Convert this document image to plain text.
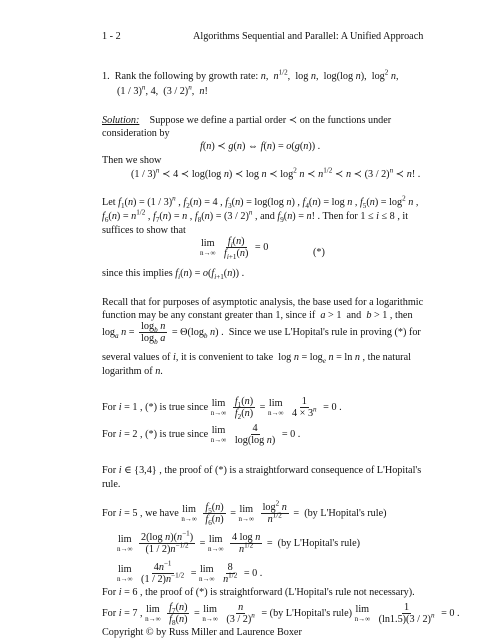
1 - 2	Algorithms Sequential and Parallel: A Unified Approach
1.  Rank the following by growth rate: n,  $n^{1/2}$,  log n,  log(log n),  $\log^2 n$,
(1 / 3)$^n$, 4,  (3 / 2)$^n$,  n!
Solution:    Suppose we define a partial order ≺ on the functions under
consideration by
f(n) ≺ g(n) ⇔ f(n) = o(g(n)) .
Then we show
(1 / 3)$^n$ ≺ 4 ≺ log(log n) ≺ log n ≺ $\log^2 n$ ≺ $n^{1/2}$ ≺ n ≺ (3 / 2)$^n$ ≺ n! .
Let $f_1(n) = (1 / 3)^n$ , $f_2(n) = 4$ , $f_3(n) = \log(\log$ n) , $f_4(n) = \log n$ , $f_5(n) = \log^2 n$ ,
$f_6(n) = n^{1/2}$ , $f_7(n) = n$ , $f_8(n) = (3 / 2)^n$ , and $f_9(n) = n$! . Then for 1 ≤ i ≤ 8 , it
suffices to show that
lim
n→∞
$\frac{f_i(n)}{f_{i+1}(n)} = 0$	(*)
since this implies $f_i(n) = o(f_{i+1}(n))$ .
Recall that for purposes of asymptotic analysis, the base used for a logarithmic
function may be any constant greater than 1, since if  a > 1  and  b > 1 , then
$\log_a n = \frac{\log_b n}{\log_b a} = \Theta(\log_b$ n) .  Since we use L'Hopital's rule in proving (*) for
several values of i, it is convenient to take  $\log n = \log_e n = \ln n$ , the natural
logarithm of n.
For i = 1 , (*) is true since lim
n→∞
$\frac{f_1(n)}{f_2(n)} = \lim$
n→∞
$\frac{1}{4 \times 3^n} = 0$ .
For i = 2 , (*) is true since lim
n→∞
$\frac{4}{\text{log(log n)}} = 0$ .
For i ∈ {3,4} , the proof of (*) is a straightforward consequence of L'Hopital's
rule.
For i = 5 , we have lim
n→∞
$\frac{f_5(n)}{f_6(n)} = \lim$
n→∞
$\frac{\log^2 n}{n^{1/2}} = (by$ L'Hopital's rule)
lim
n→∞
$\frac{2(\log n)(n^{-1})}{(1 / 2)n^{-1/2}} = \lim$
n→∞
$\frac{\text{4 log n}}{n^{1/2}} = (by$ L'Hopital's rule)
lim
n→∞
$\frac{4n^{-1}}{(1 / 2)n^{-1/2}} = \lim$
n→∞
$\frac{8}{n^{1/2}} = 0$ .
For i = 6 , the proof of (*) is straightforward (L'Hopital's rule not necessary).
For i = 7 , lim
n→∞
$\frac{f_7(n)}{f_8(n)} = \lim$
n→∞
$\frac{n}{(3 / 2)^n} = (by$ L'Hopital's rule) lim
n→∞
$\frac{1}{(\ln 1.5)(3 / 2)^n} = 0$ .
Copyright © by Russ Miller and Laurence Boxer
